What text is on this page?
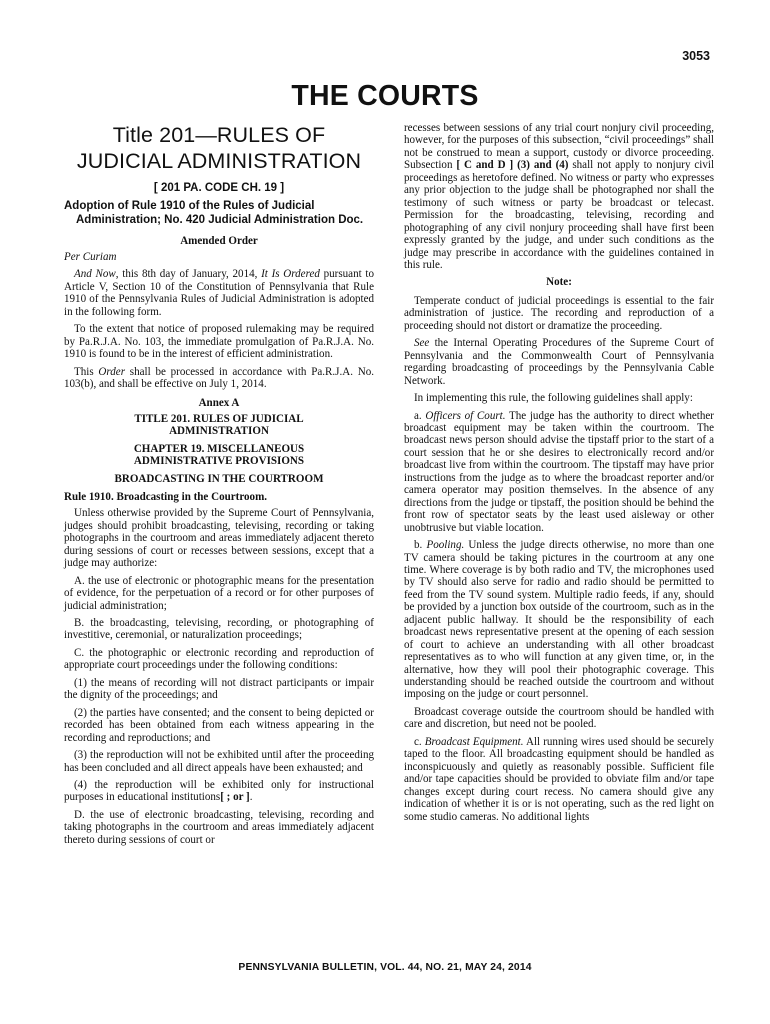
3053
THE COURTS
Title 201—RULES OF JUDICIAL ADMINISTRATION
[ 201 PA. CODE CH. 19 ]
Adoption of Rule 1910 of the Rules of Judicial Administration; No. 420 Judicial Administration Doc.

Amended Order

Per Curiam

And Now, this 8th day of January, 2014, It Is Ordered pursuant to Article V, Section 10 of the Constitution of Pennsylvania that Rule 1910 of the Pennsylvania Rules of Judicial Administration is adopted in the following form.

To the extent that notice of proposed rulemaking may be required by Pa.R.J.A. No. 103, the immediate promulgation of Pa.R.J.A. No. 1910 is found to be in the interest of efficient administration.

This Order shall be processed in accordance with Pa.R.J.A. No. 103(b), and shall be effective on July 1, 2014.

Annex A

TITLE 201. RULES OF JUDICIAL ADMINISTRATION

CHAPTER 19. MISCELLANEOUS ADMINISTRATIVE PROVISIONS

BROADCASTING IN THE COURTROOM

Rule 1910. Broadcasting in the Courtroom.

Unless otherwise provided by the Supreme Court of Pennsylvania, judges should prohibit broadcasting, televising, recording or taking photographs in the courtroom and areas immediately adjacent thereto during sessions of court or recesses between sessions, except that a judge may authorize:

A. the use of electronic or photographic means for the presentation of evidence, for the perpetuation of a record or for other purposes of judicial administration;

B. the broadcasting, televising, recording, or photographing of investitive, ceremonial, or naturalization proceedings;

C. the photographic or electronic recording and reproduction of appropriate court proceedings under the following conditions:

(1) the means of recording will not distract participants or impair the dignity of the proceedings; and

(2) the parties have consented; and the consent to being depicted or recorded has been obtained from each witness appearing in the recording and reproductions; and

(3) the reproduction will not be exhibited until after the proceeding has been concluded and all direct appeals have been exhausted; and

(4) the reproduction will be exhibited only for instructional purposes in educational institutions[ ; or ].

D. the use of electronic broadcasting, televising, recording and taking photographs in the courtroom and areas immediately adjacent thereto during sessions of court or

recesses between sessions of any trial court nonjury civil proceeding, however, for the purposes of this subsection, “civil proceedings” shall not be construed to mean a support, custody or divorce proceeding. Subsection [ C and D ] (3) and (4) shall not apply to nonjury civil proceedings as heretofore defined. No witness or party who expresses any prior objection to the judge shall be photographed nor shall the testimony of such witness or party be broadcast or telecast. Permission for the broadcasting, televising, recording and photographing of any civil nonjury proceeding shall have first been expressly granted by the judge, and under such conditions as the judge may prescribe in accordance with the guidelines contained in this rule.

Note:

Temperate conduct of judicial proceedings is essential to the fair administration of justice. The recording and reproduction of a proceeding should not distort or dramatize the proceeding.

See the Internal Operating Procedures of the Supreme Court of Pennsylvania and the Commonwealth Court of Pennsylvania regarding broadcasting of proceedings by the Pennsylvania Cable Network.

In implementing this rule, the following guidelines shall apply:

a. Officers of Court. The judge has the authority to direct whether broadcast equipment may be taken within the courtroom. The broadcast news person should advise the tipstaff prior to the start of a court session that he or she desires to electronically record and/or broadcast live from within the courtroom. The tipstaff may have prior instructions from the judge as to where the broadcast reporter and/or camera operator may position themselves. In the absence of any directions from the judge or tipstaff, the position should be behind the front row of spectator seats by the least used aisleway or other unobtrusive but viable location.

b. Pooling. Unless the judge directs otherwise, no more than one TV camera should be taking pictures in the courtroom at any one time. Where coverage is by both radio and TV, the microphones used by TV should also serve for radio and radio should be permitted to feed from the TV sound system. Multiple radio feeds, if any, should be provided by a junction box outside of the courtroom, such as in the adjacent public hallway. It should be the responsibility of each broadcast news representative present at the opening of each session of court to achieve an understanding with all other broadcast representatives as to who will function at any given time, or, in the alternative, how they will pool their photographic coverage. This understanding should be reached outside the courtroom and without imposing on the judge or court personnel.

Broadcast coverage outside the courtroom should be handled with care and discretion, but need not be pooled.

c. Broadcast Equipment. All running wires used should be securely taped to the floor. All broadcasting equipment should be handled as inconspicuously and quietly as reasonably possible. Sufficient file and/or tape capacities should be provided to obviate film and/or tape changes except during court recess. No camera should give any indication of whether it is or is not operating, such as the red light on some studio cameras. No additional lights

PENNSYLVANIA BULLETIN, VOL. 44, NO. 21, MAY 24, 2014
